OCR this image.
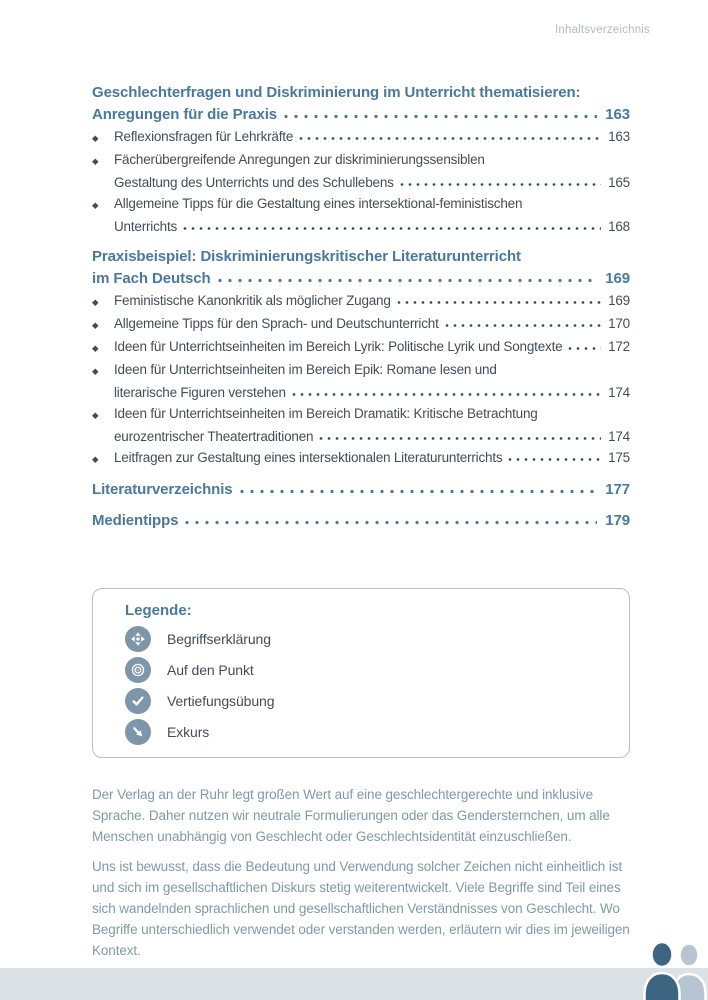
Inhaltsverzeichnis
Geschlechterfragen und Diskriminierung im Unterricht thematisieren:
Anregungen für die Praxis	163
◆	Reflexionsfragen für Lehrkräfte	163
◆	Fächerübergreifende Anregungen zur diskriminierungssensiblen
Gestaltung des Unterrichts und des Schullebens	165
◆	Allgemeine Tipps für die Gestaltung eines intersektional-feministischen
Unterrichts	168
Praxisbeispiel: Diskriminierungskritischer Literaturunterricht
im Fach Deutsch	169
◆	Feministische Kanonkritik als möglicher Zugang	169
◆	Allgemeine Tipps für den Sprach- und Deutschunterricht	170
◆	Ideen für Unterrichtseinheiten im Bereich Lyrik: Politische Lyrik und Songtexte	172
◆	Ideen für Unterrichtseinheiten im Bereich Epik: Romane lesen und
literarische Figuren verstehen	174
◆	Ideen für Unterrichtseinheiten im Bereich Dramatik: Kritische Betrachtung
eurozentrischer Theatertraditionen	174
◆	Leitfragen zur Gestaltung eines intersektionalen Literaturunterrichts	175
Literaturverzeichnis	177
Medientipps	179
Legende:
Begriffserklärung
Auf den Punkt
Vertiefungsübung
Exkurs

Der Verlag an der Ruhr legt großen Wert auf eine geschlechtergerechte und inklusive Sprache. Daher nutzen wir neutrale Formulierungen oder das Gendersternchen, um alle Menschen unabhängig von Geschlecht oder Geschlechtsidentität einzuschließen.

Uns ist bewusst, dass die Bedeutung und Verwendung solcher Zeichen nicht einheitlich ist und sich im gesellschaftlichen Diskurs stetig weiterentwickelt. Viele Begriffe sind Teil eines sich wandelnden sprachlichen und gesellschaftlichen Verständnisses von Geschlecht. Wo Begriffe unterschiedlich verwendet oder verstanden werden, erläutern wir dies im jeweiligen Kontext.
